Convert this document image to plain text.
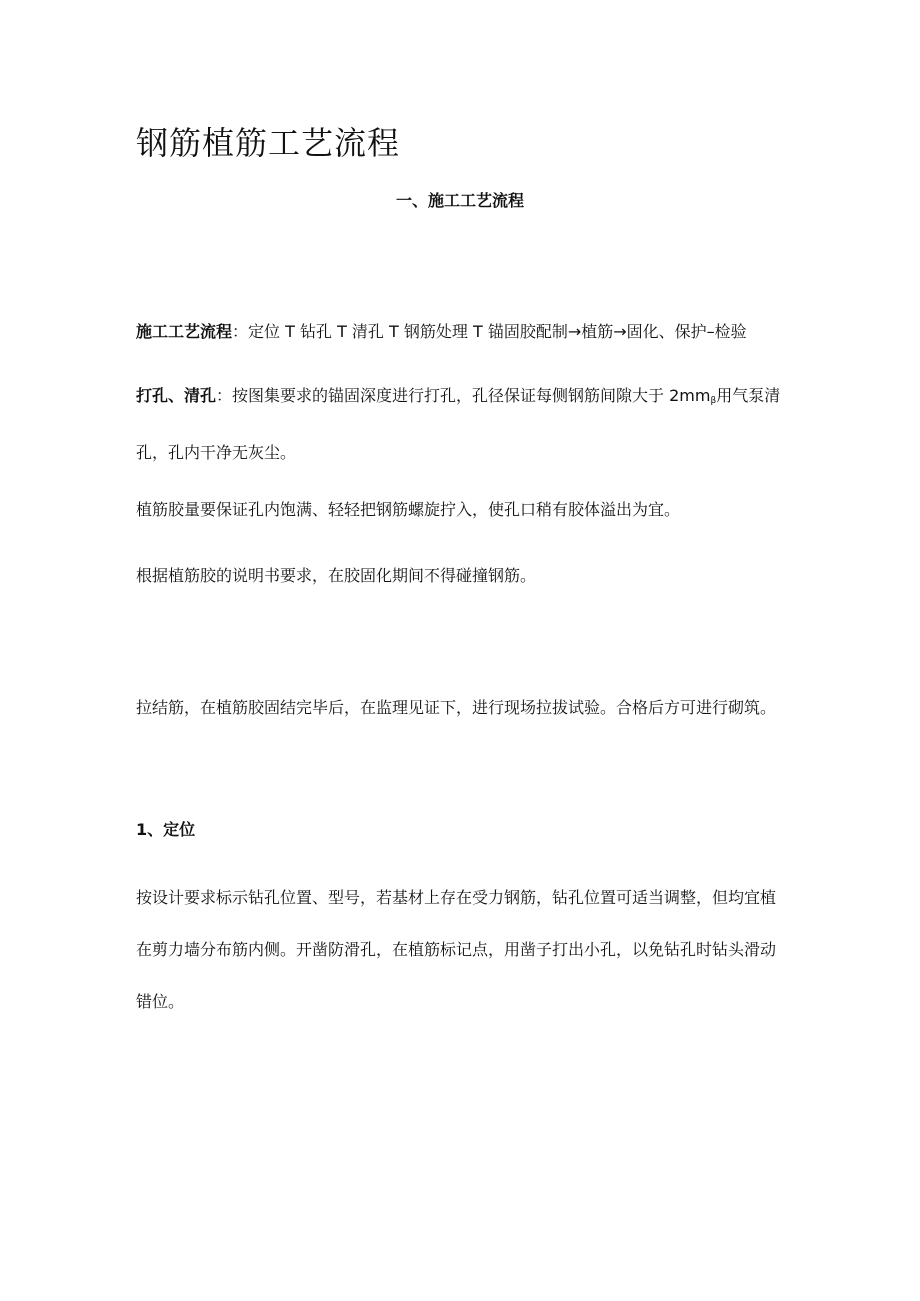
钢筋植筋工艺流程
一、施工工艺流程

施工工艺流程：定位 T 钻孔 T 清孔 T 钢筋处理 T 锚固胶配制→植筋→固化、保护–检验

打孔、清孔：按图集要求的锚固深度进行打孔，孔径保证每侧钢筋间隙大于 $2mm_\beta$用气泵清孔，孔内干净无灰尘。

植筋胶量要保证孔内饱满、轻轻把钢筋螺旋拧入，使孔口稍有胶体溢出为宜。

根据植筋胶的说明书要求，在胶固化期间不得碰撞钢筋。

拉结筋，在植筋胶固结完毕后，在监理见证下，进行现场拉拔试验。合格后方可进行砌筑。

1、定位

按设计要求标示钻孔位置、型号，若基材上存在受力钢筋，钻孔位置可适当调整，但均宜植在剪力墙分布筋内侧。开凿防滑孔，在植筋标记点，用凿子打出小孔，以免钻孔时钻头滑动错位。
